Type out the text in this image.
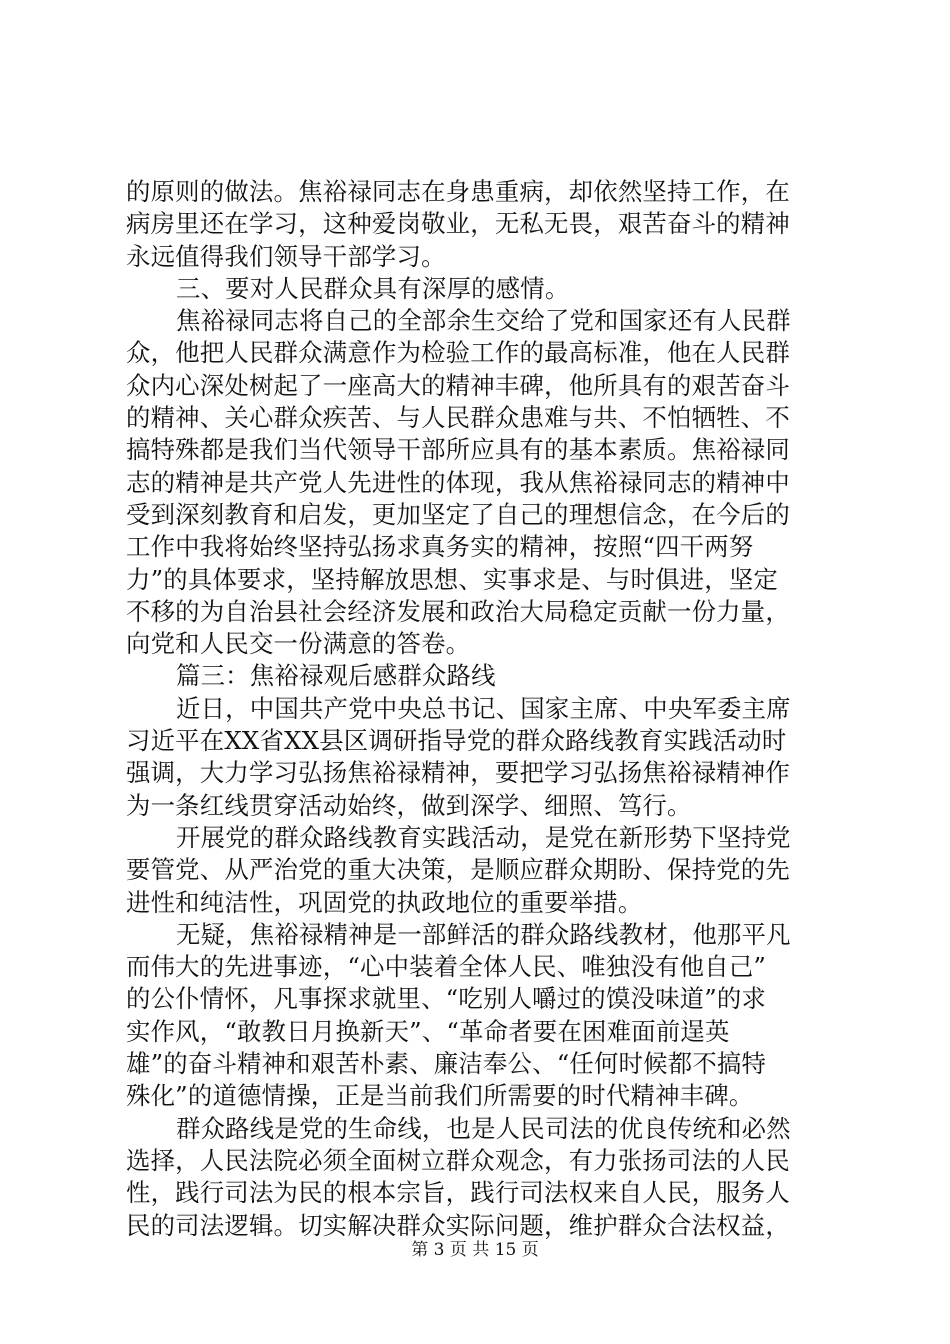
的原则的做法。焦裕禄同志在身患重病，却依然坚持工作，在
病房里还在学习，这种爱岗敬业，无私无畏，艰苦奋斗的精神
永远值得我们领导干部学习。
三、要对人民群众具有深厚的感情。
焦裕禄同志将自己的全部余生交给了党和国家还有人民群
众，他把人民群众满意作为检验工作的最高标准，他在人民群
众内心深处树起了一座高大的精神丰碑，他所具有的艰苦奋斗
的精神、关心群众疾苦、与人民群众患难与共、不怕牺牲、不
搞特殊都是我们当代领导干部所应具有的基本素质。焦裕禄同
志的精神是共产党人先进性的体现，我从焦裕禄同志的精神中
受到深刻教育和启发，更加坚定了自己的理想信念，在今后的
工作中我将始终坚持弘扬求真务实的精神，按照“四干两努
力”的具体要求，坚持解放思想、实事求是、与时俱进，坚定
不移的为自治县社会经济发展和政治大局稳定贡献一份力量，
向党和人民交一份满意的答卷。
篇三：焦裕禄观后感群众路线
近日，中国共产党中央总书记、国家主席、中央军委主席
习近平在XX省XX县区调研指导党的群众路线教育实践活动时
强调，大力学习弘扬焦裕禄精神，要把学习弘扬焦裕禄精神作
为一条红线贯穿活动始终，做到深学、细照、笃行。
开展党的群众路线教育实践活动，是党在新形势下坚持党
要管党、从严治党的重大决策，是顺应群众期盼、保持党的先
进性和纯洁性，巩固党的执政地位的重要举措。
无疑，焦裕禄精神是一部鲜活的群众路线教材，他那平凡
而伟大的先进事迹，“心中装着全体人民、唯独没有他自己”
的公仆情怀，凡事探求就里、“吃别人嚼过的馍没味道”的求
实作风，“敢教日月换新天”、“革命者要在困难面前逞英
雄”的奋斗精神和艰苦朴素、廉洁奉公、“任何时候都不搞特
殊化”的道德情操，正是当前我们所需要的时代精神丰碑。
群众路线是党的生命线，也是人民司法的优良传统和必然
选择，人民法院必须全面树立群众观念，有力张扬司法的人民
性，践行司法为民的根本宗旨，践行司法权来自人民，服务人
民的司法逻辑。切实解决群众实际问题，维护群众合法权益，
第 3 页 共 15 页
